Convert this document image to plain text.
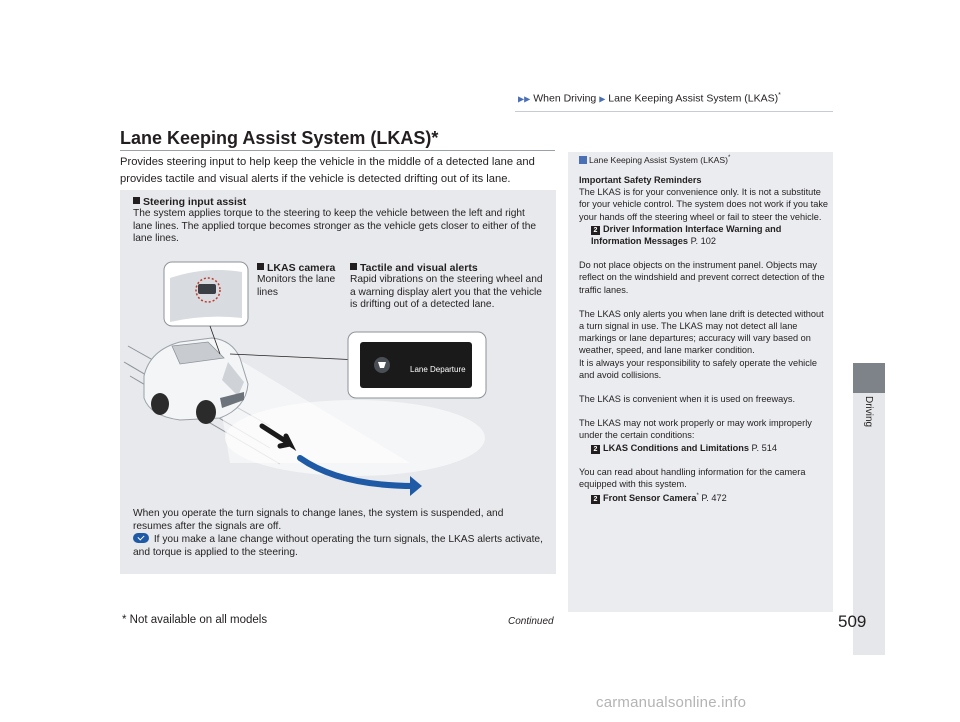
▶▶ When Driving ▶ Lane Keeping Assist System (LKAS)*
Driving
Lane Keeping Assist System (LKAS)*
Provides steering input to help keep the vehicle in the middle of a detected lane and provides tactile and visual alerts if the vehicle is detected drifting out of its lane.
Steering input assist
The system applies torque to the steering to keep the vehicle between the left and right lane lines. The applied torque becomes stronger as the vehicle gets closer to either of the lane lines.
LKAS camera
Monitors the lane lines
Tactile and visual alerts
Rapid vibrations on the steering wheel and a warning display alert you that the vehicle is drifting out of a detected lane.
Lane Departure
When you operate the turn signals to change lanes, the system is suspended, and resumes after the signals are off.
If you make a lane change without operating the turn signals, the LKAS alerts activate, and torque is applied to the steering.
Lane Keeping Assist System (LKAS)*

Important Safety Reminders

The LKAS is for your convenience only. It is not a substitute for your vehicle control. The system does not work if you take your hands off the steering wheel or fail to steer the vehicle.

2 Driver Information Interface Warning and Information Messages P. 102

Do not place objects on the instrument panel. Objects may reflect on the windshield and prevent correct detection of the traffic lanes.

The LKAS only alerts you when lane drift is detected without a turn signal in use. The LKAS may not detect all lane markings or lane departures; accuracy will vary based on weather, speed, and lane marker condition.

It is always your responsibility to safely operate the vehicle and avoid collisions.

The LKAS is convenient when it is used on freeways.

The LKAS may not work properly or may work improperly under the certain conditions:

2 LKAS Conditions and Limitations P. 514

You can read about handling information for the camera equipped with this system.

2 Front Sensor Camera* P. 472

* Not available on all models	Continued	509
carmanualsonline.info
